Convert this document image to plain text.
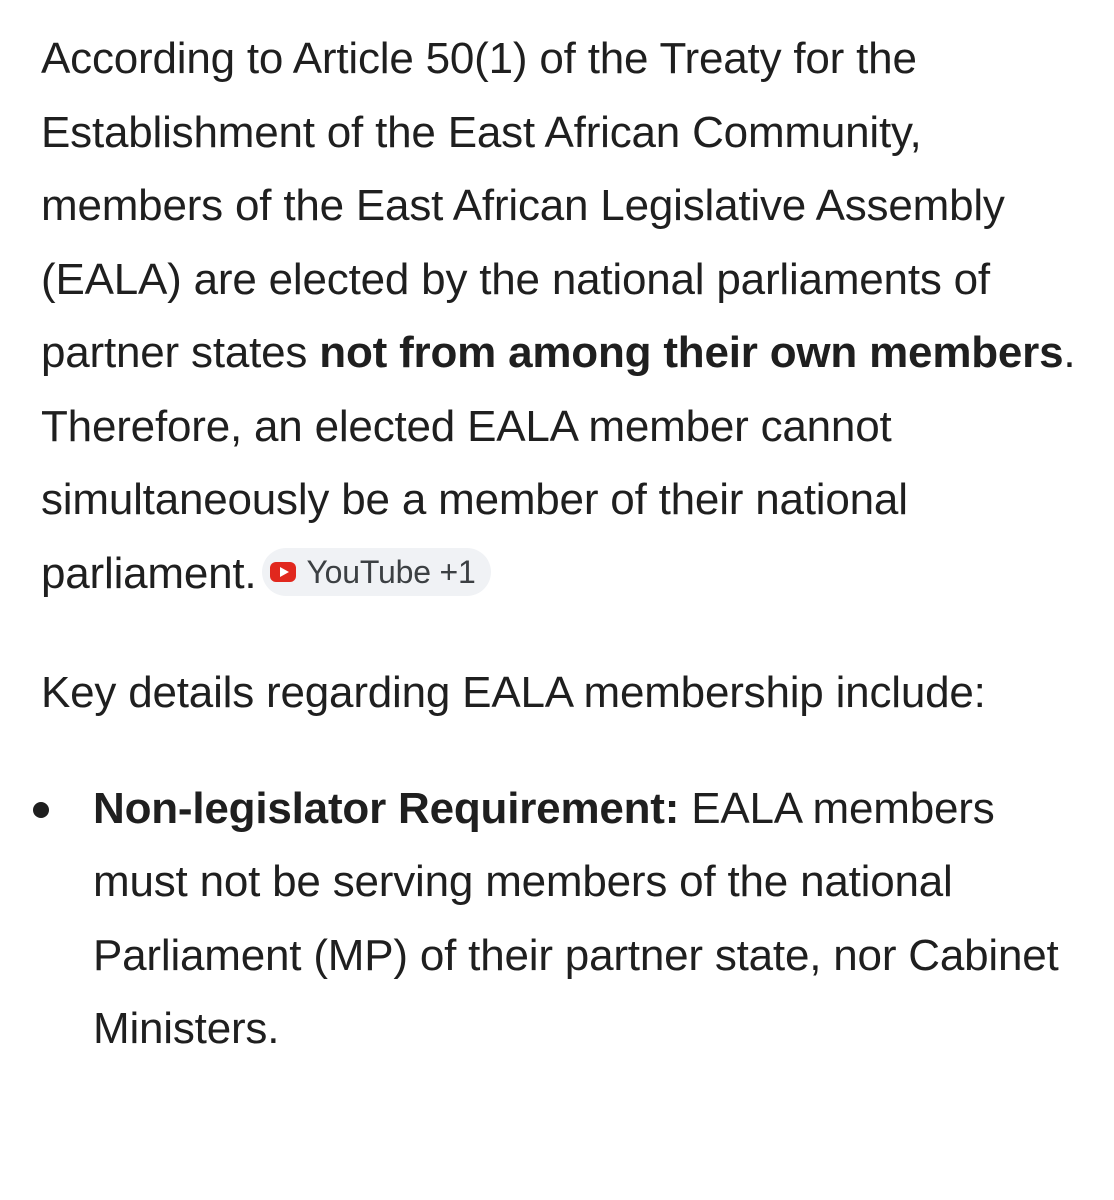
According to Article 50(1) of the Treaty for the Establishment of the East African Community, members of the East African Legislative Assembly (EALA) are elected by the national parliaments of partner states not from among their own members. Therefore, an elected EALA member cannot simultaneously be a member of their national parliament. YouTube +1

Key details regarding EALA membership include:

Non-legislator Requirement: EALA members must not be serving members of the national Parliament (MP) of their partner state, nor Cabinet Ministers.
